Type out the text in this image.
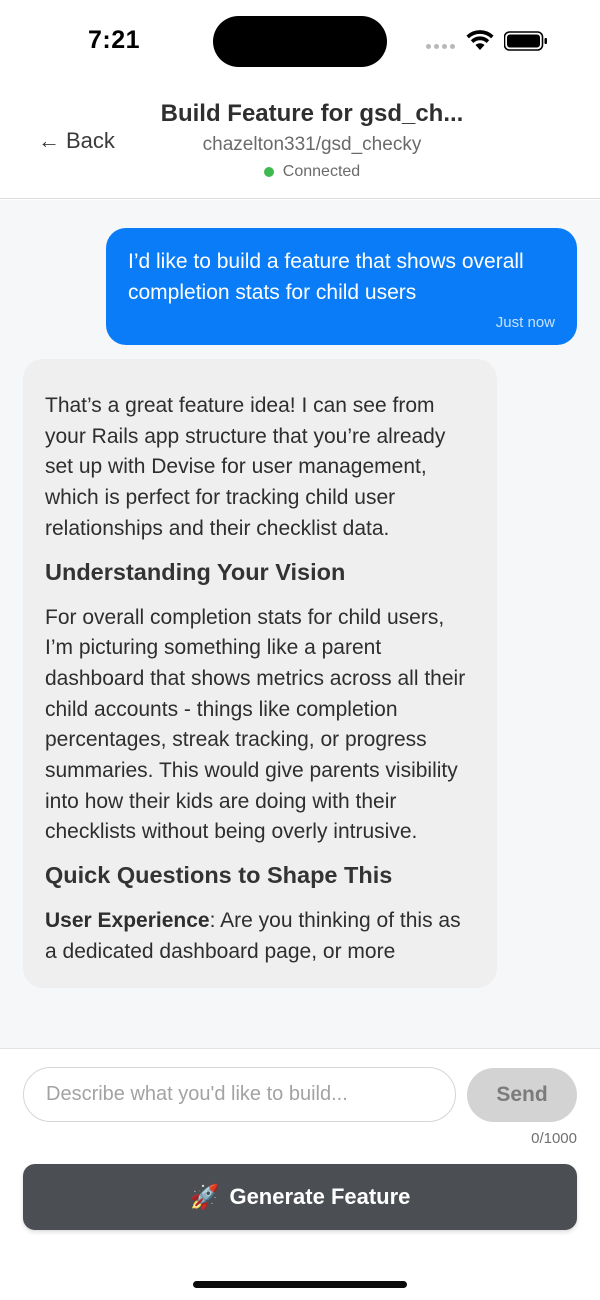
7:21
← Back
Build Feature for gsd_ch...
chazelton331/gsd_checky
Connected
I’d like to build a feature that shows overall completion stats for child users
Just now

That’s a great feature idea! I can see from your Rails app structure that you’re already set up with Devise for user management, which is perfect for tracking child user relationships and their checklist data.

Understanding Your Vision

For overall completion stats for child users, I’m picturing something like a parent dashboard that shows metrics across all their child accounts - things like completion percentages, streak tracking, or progress summaries. This would give parents visibility into how their kids are doing with their checklists without being overly intrusive.

Quick Questions to Shape This

User Experience: Are you thinking of this as a dedicated dashboard page, or more

Describe what you'd like to build...
Send
0/1000
🚀 Generate Feature
